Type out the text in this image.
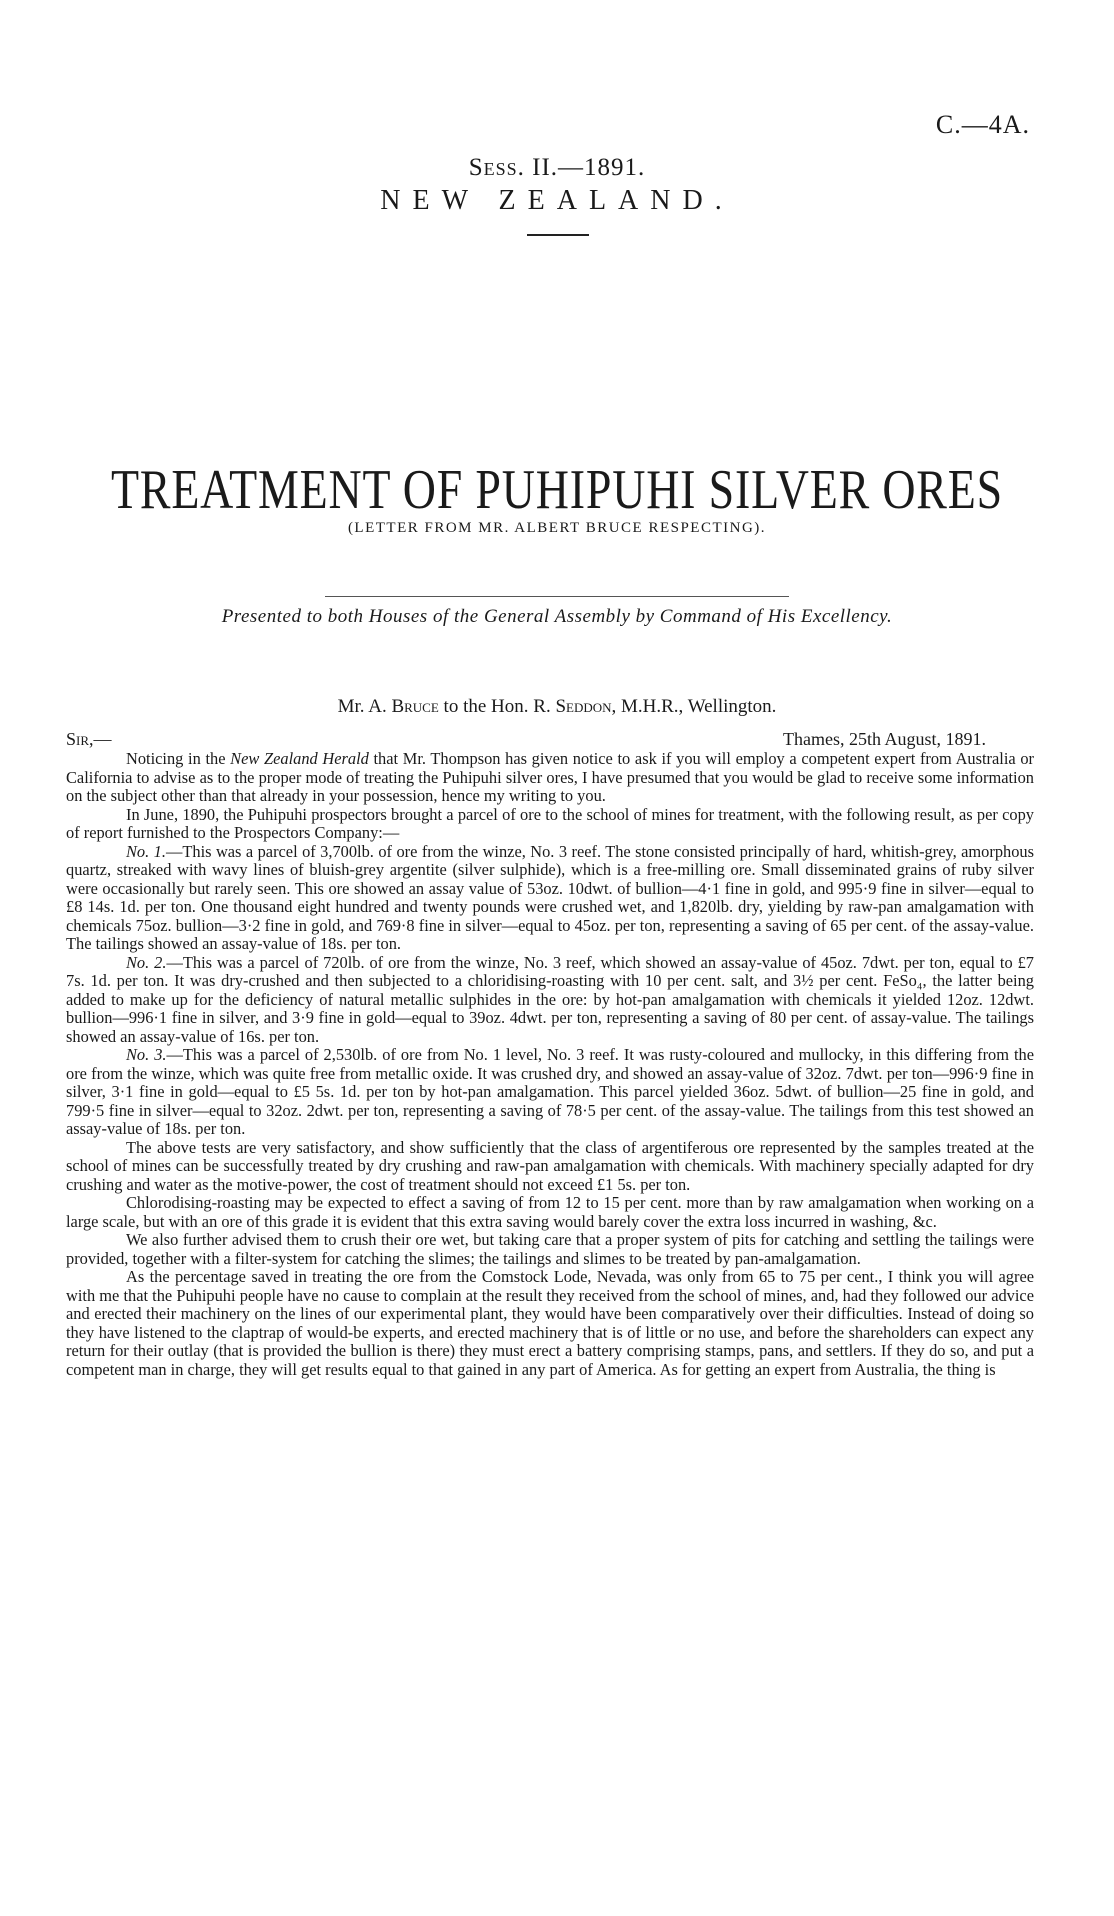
C.—4A.
Sess. II.—1891.
NEW ZEALAND.
TREATMENT OF PUHIPUHI SILVER ORES
(LETTER FROM MR. ALBERT BRUCE RESPECTING).
Presented to both Houses of the General Assembly by Command of His Excellency.
Mr. A. Bruce to the Hon. R. Seddon, M.H.R., Wellington.
Sir,—	Thames, 25th August, 1891.

Noticing in the New Zealand Herald that Mr. Thompson has given notice to ask if you will employ a competent expert from Australia or California to advise as to the proper mode of treating the Puhipuhi silver ores, I have presumed that you would be glad to receive some information on the subject other than that already in your possession, hence my writing to you.

In June, 1890, the Puhipuhi prospectors brought a parcel of ore to the school of mines for treatment, with the following result, as per copy of report furnished to the Prospectors Company:—

No. 1.—This was a parcel of 3,700lb. of ore from the winze, No. 3 reef. The stone consisted principally of hard, whitish-grey, amorphous quartz, streaked with wavy lines of bluish-grey argentite (silver sulphide), which is a free-milling ore. Small disseminated grains of ruby silver were occasionally but rarely seen. This ore showed an assay value of 53oz. 10dwt. of bullion—4·1 fine in gold, and 995·9 fine in silver—equal to £8 14s. 1d. per ton. One thousand eight hundred and twenty pounds were crushed wet, and 1,820lb. dry, yielding by raw-pan amalgamation with chemicals 75oz. bullion—3·2 fine in gold, and 769·8 fine in silver—equal to 45oz. per ton, representing a saving of 65 per cent. of the assay-value. The tailings showed an assay-value of 18s. per ton.

No. 2.—This was a parcel of 720lb. of ore from the winze, No. 3 reef, which showed an assay-value of 45oz. 7dwt. per ton, equal to £7 7s. 1d. per ton. It was dry-crushed and then subjected to a chloridising-roasting with 10 per cent. salt, and 3½ per cent. FeSo₄, the latter being added to make up for the deficiency of natural metallic sulphides in the ore: by hot-pan amalgamation with chemicals it yielded 12oz. 12dwt. bullion—996·1 fine in silver, and 3·9 fine in gold—equal to 39oz. 4dwt. per ton, representing a saving of 80 per cent. of assay-value. The tailings showed an assay-value of 16s. per ton.

No. 3.—This was a parcel of 2,530lb. of ore from No. 1 level, No. 3 reef. It was rusty-coloured and mullocky, in this differing from the ore from the winze, which was quite free from metallic oxide. It was crushed dry, and showed an assay-value of 32oz. 7dwt. per ton—996·9 fine in silver, 3·1 fine in gold—equal to £5 5s. 1d. per ton by hot-pan amalgamation. This parcel yielded 36oz. 5dwt. of bullion—25 fine in gold, and 799·5 fine in silver—equal to 32oz. 2dwt. per ton, representing a saving of 78·5 per cent. of the assay-value. The tailings from this test showed an assay-value of 18s. per ton.

The above tests are very satisfactory, and show sufficiently that the class of argentiferous ore represented by the samples treated at the school of mines can be successfully treated by dry crushing and raw-pan amalgamation with chemicals. With machinery specially adapted for dry crushing and water as the motive-power, the cost of treatment should not exceed £1 5s. per ton.

Chlorodising-roasting may be expected to effect a saving of from 12 to 15 per cent. more than by raw amalgamation when working on a large scale, but with an ore of this grade it is evident that this extra saving would barely cover the extra loss incurred in washing, &c.

We also further advised them to crush their ore wet, but taking care that a proper system of pits for catching and settling the tailings were provided, together with a filter-system for catching the slimes; the tailings and slimes to be treated by pan-amalgamation.

As the percentage saved in treating the ore from the Comstock Lode, Nevada, was only from 65 to 75 per cent., I think you will agree with me that the Puhipuhi people have no cause to complain at the result they received from the school of mines, and, had they followed our advice and erected their machinery on the lines of our experimental plant, they would have been comparatively over their difficulties. Instead of doing so they have listened to the claptrap of would-be experts, and erected machinery that is of little or no use, and before the shareholders can expect any return for their outlay (that is provided the bullion is there) they must erect a battery comprising stamps, pans, and settlers. If they do so, and put a competent man in charge, they will get results equal to that gained in any part of America. As for getting an expert from Australia, the thing is
